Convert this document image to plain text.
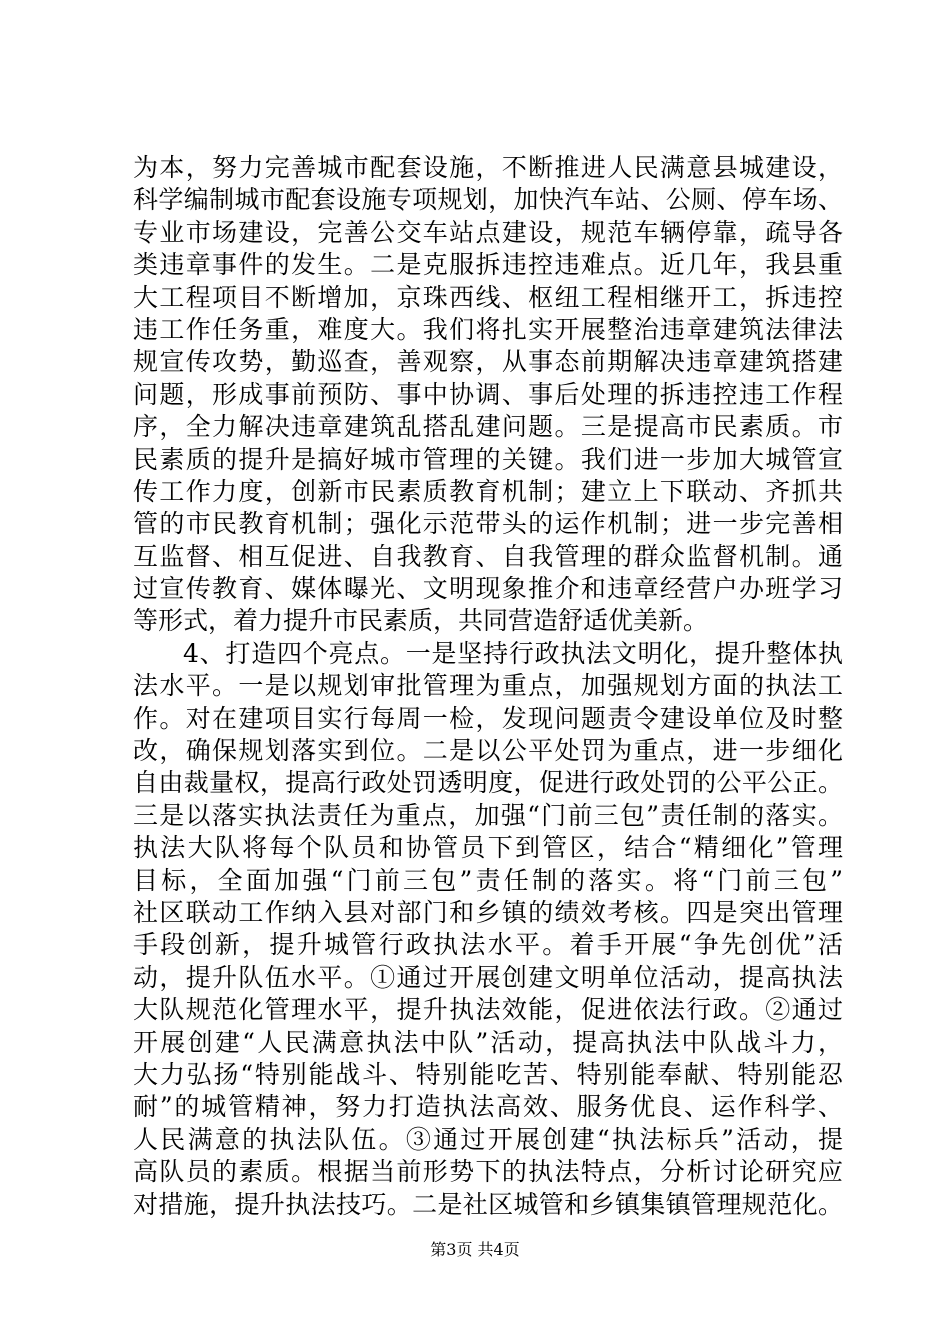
为本，努力完善城市配套设施，不断推进人民满意县城建设，
科学编制城市配套设施专项规划，加快汽车站、公厕、停车场、
专业市场建设，完善公交车站点建设，规范车辆停靠，疏导各
类违章事件的发生。二是克服拆违控违难点。近几年，我县重
大工程项目不断增加，京珠西线、枢纽工程相继开工，拆违控
违工作任务重，难度大。我们将扎实开展整治违章建筑法律法
规宣传攻势，勤巡查，善观察，从事态前期解决违章建筑搭建
问题，形成事前预防、事中协调、事后处理的拆违控违工作程
序，全力解决违章建筑乱搭乱建问题。三是提高市民素质。市
民素质的提升是搞好城市管理的关键。我们进一步加大城管宣
传工作力度，创新市民素质教育机制；建立上下联动、齐抓共
管的市民教育机制；强化示范带头的运作机制；进一步完善相
互监督、相互促进、自我教育、自我管理的群众监督机制。通
过宣传教育、媒体曝光、文明现象推介和违章经营户办班学习
等形式，着力提升市民素质，共同营造舒适优美新。
4、打造四个亮点。一是坚持行政执法文明化，提升整体执
法水平。一是以规划审批管理为重点，加强规划方面的执法工
作。对在建项目实行每周一检，发现问题责令建设单位及时整
改，确保规划落实到位。二是以公平处罚为重点，进一步细化
自由裁量权，提高行政处罚透明度，促进行政处罚的公平公正。
三是以落实执法责任为重点，加强“门前三包”责任制的落实。
执法大队将每个队员和协管员下到管区，结合“精细化”管理
目标，全面加强“门前三包”责任制的落实。将“门前三包”
社区联动工作纳入县对部门和乡镇的绩效考核。四是突出管理
手段创新，提升城管行政执法水平。着手开展“争先创优”活
动，提升队伍水平。①通过开展创建文明单位活动，提高执法
大队规范化管理水平，提升执法效能，促进依法行政。②通过
开展创建“人民满意执法中队”活动，提高执法中队战斗力，
大力弘扬“特别能战斗、特别能吃苦、特别能奉献、特别能忍
耐”的城管精神，努力打造执法高效、服务优良、运作科学、
人民满意的执法队伍。③通过开展创建“执法标兵”活动，提
高队员的素质。根据当前形势下的执法特点，分析讨论研究应
对措施，提升执法技巧。二是社区城管和乡镇集镇管理规范化。
第3页 共4页
